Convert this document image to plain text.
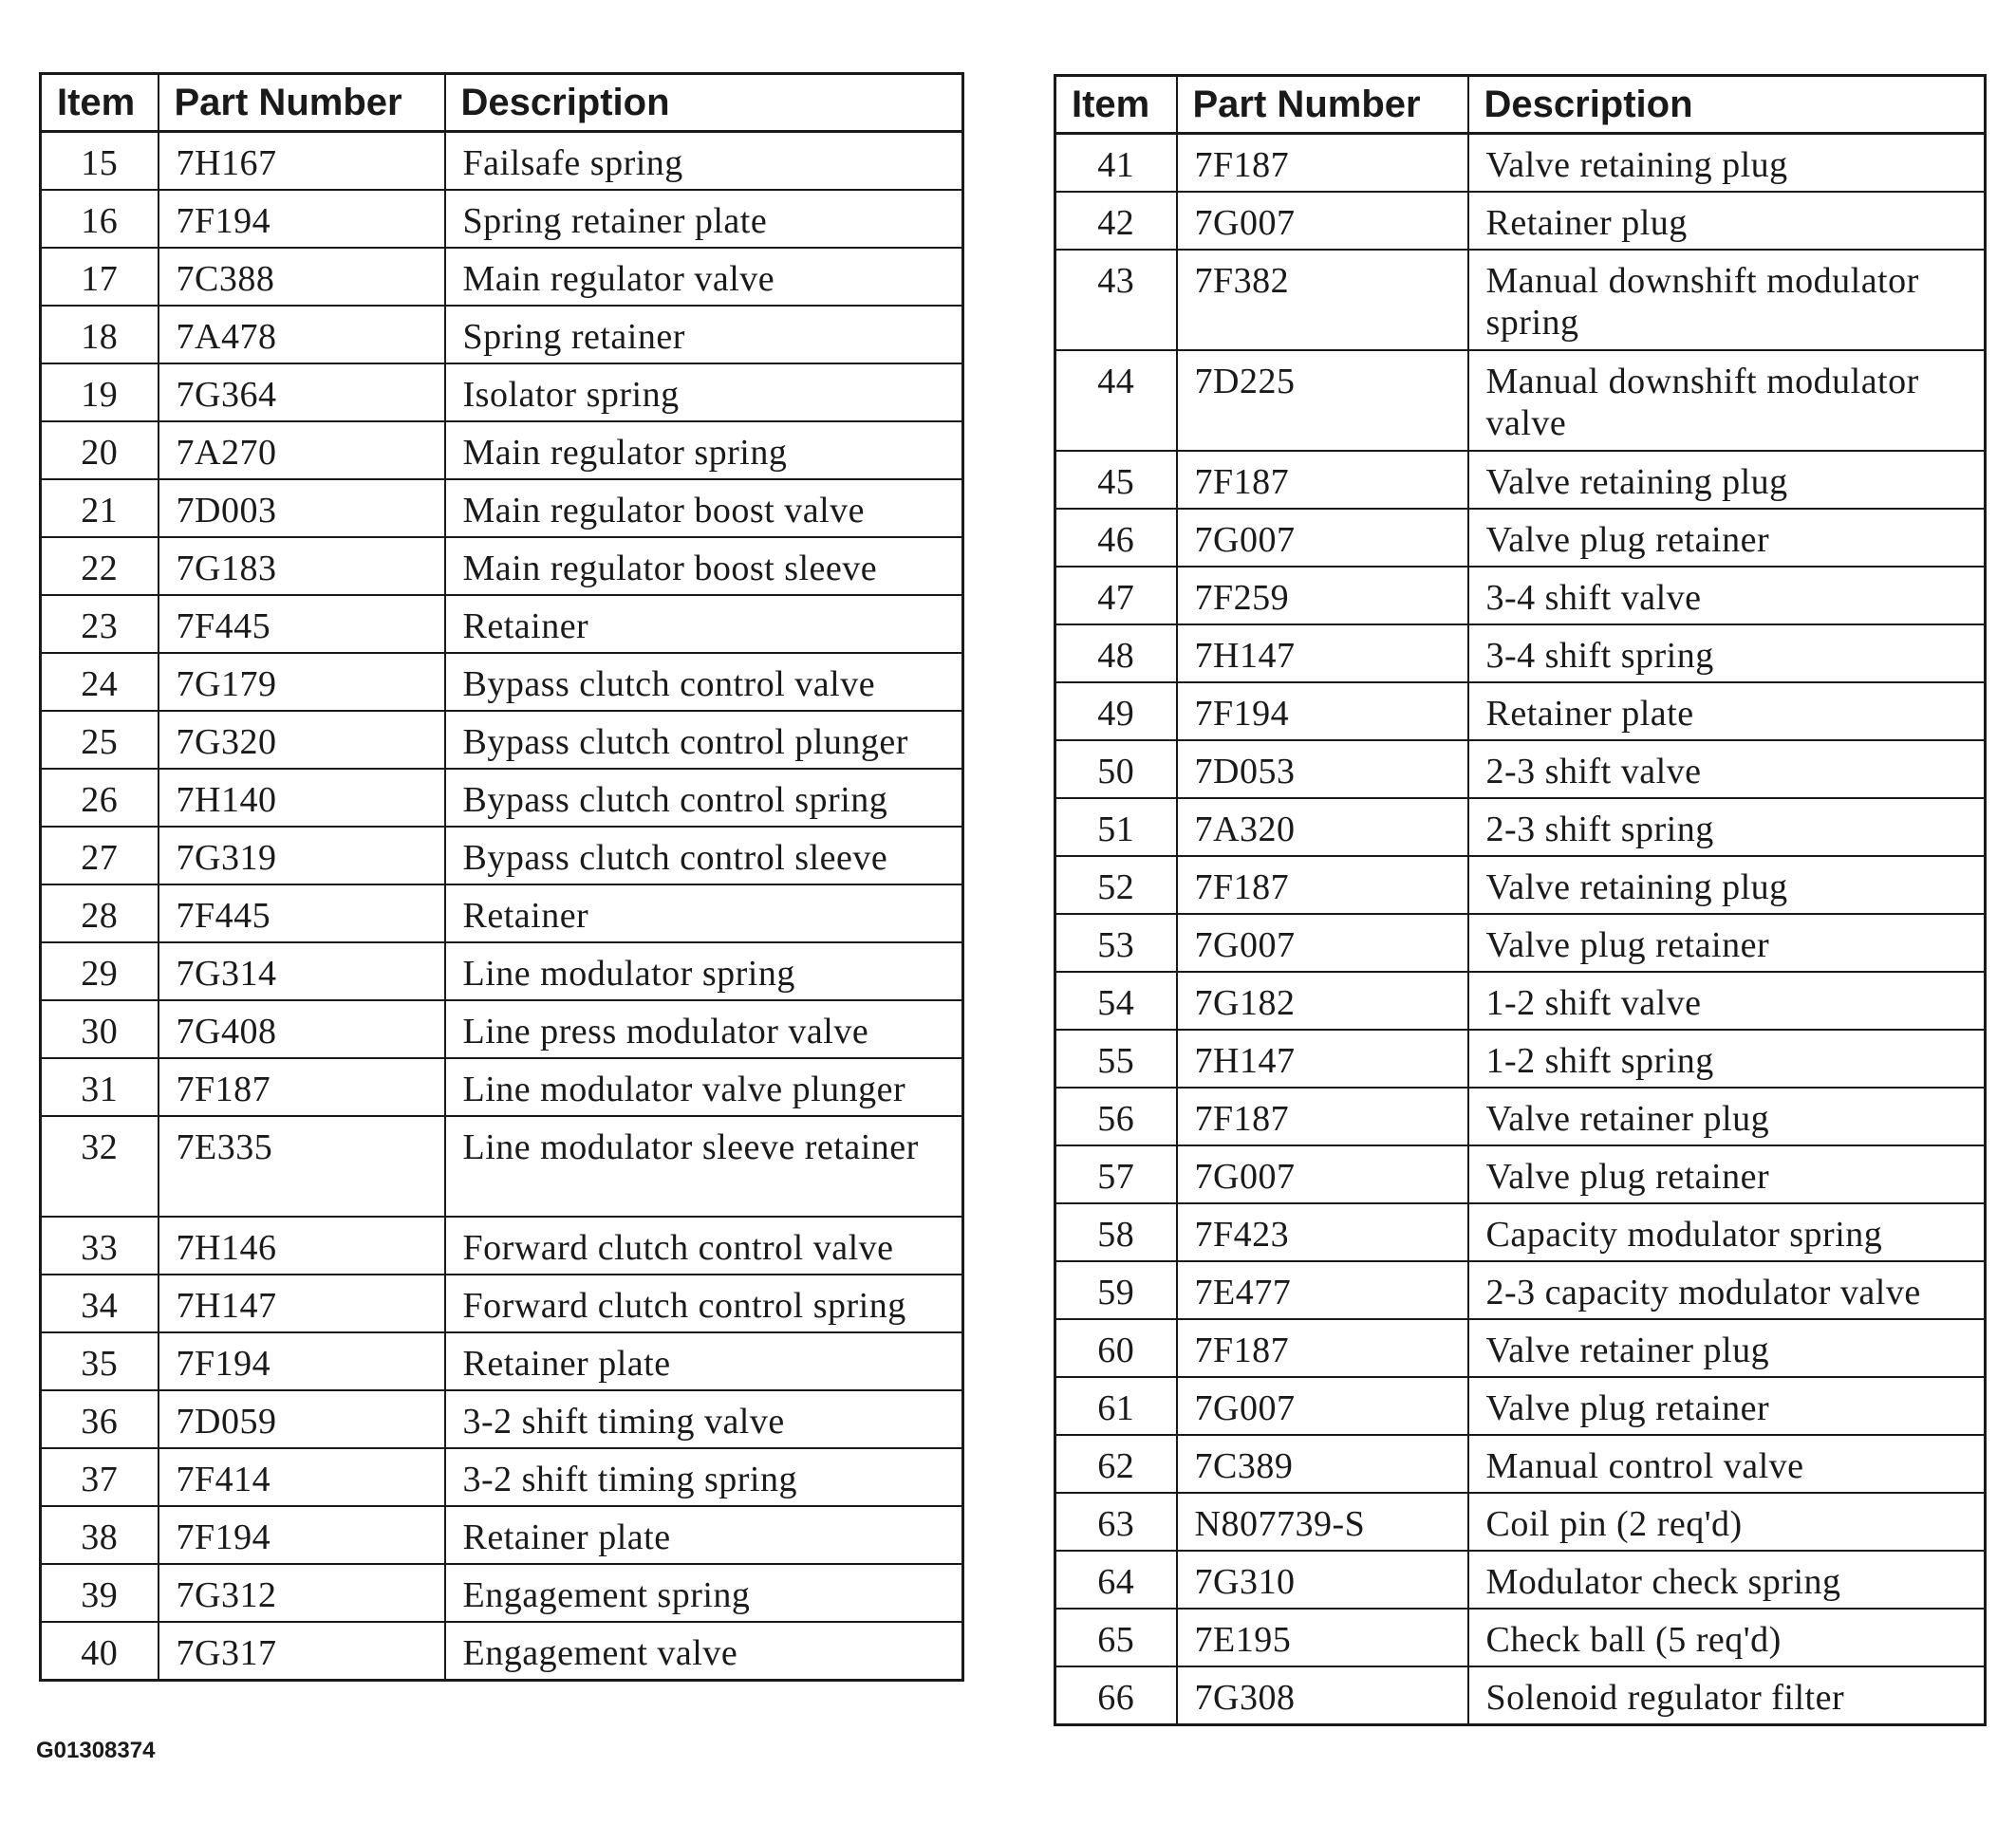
Item	Part Number	Description
15	7H167	Failsafe spring
16	7F194	Spring retainer plate
17	7C388	Main regulator valve
18	7A478	Spring retainer
19	7G364	Isolator spring
20	7A270	Main regulator spring
21	7D003	Main regulator boost valve
22	7G183	Main regulator boost sleeve
23	7F445	Retainer
24	7G179	Bypass clutch control valve
25	7G320	Bypass clutch control plunger
26	7H140	Bypass clutch control spring
27	7G319	Bypass clutch control sleeve
28	7F445	Retainer
29	7G314	Line modulator spring
30	7G408	Line press modulator valve
31	7F187	Line modulator valve plunger
32	7E335	Line modulator sleeve retainer
33	7H146	Forward clutch control valve
34	7H147	Forward clutch control spring
35	7F194	Retainer plate
36	7D059	3-2 shift timing valve
37	7F414	3-2 shift timing spring
38	7F194	Retainer plate
39	7G312	Engagement spring
40	7G317	Engagement valve
Item	Part Number	Description
41	7F187	Valve retaining plug
42	7G007	Retainer plug
43	7F382	Manual downshift modulator spring
44	7D225	Manual downshift modulator valve
45	7F187	Valve retaining plug
46	7G007	Valve plug retainer
47	7F259	3-4 shift valve
48	7H147	3-4 shift spring
49	7F194	Retainer plate
50	7D053	2-3 shift valve
51	7A320	2-3 shift spring
52	7F187	Valve retaining plug
53	7G007	Valve plug retainer
54	7G182	1-2 shift valve
55	7H147	1-2 shift spring
56	7F187	Valve retainer plug
57	7G007	Valve plug retainer
58	7F423	Capacity modulator spring
59	7E477	2-3 capacity modulator valve
60	7F187	Valve retainer plug
61	7G007	Valve plug retainer
62	7C389	Manual control valve
63	N807739-S	Coil pin (2 req'd)
64	7G310	Modulator check spring
65	7E195	Check ball (5 req'd)
66	7G308	Solenoid regulator filter
G01308374
